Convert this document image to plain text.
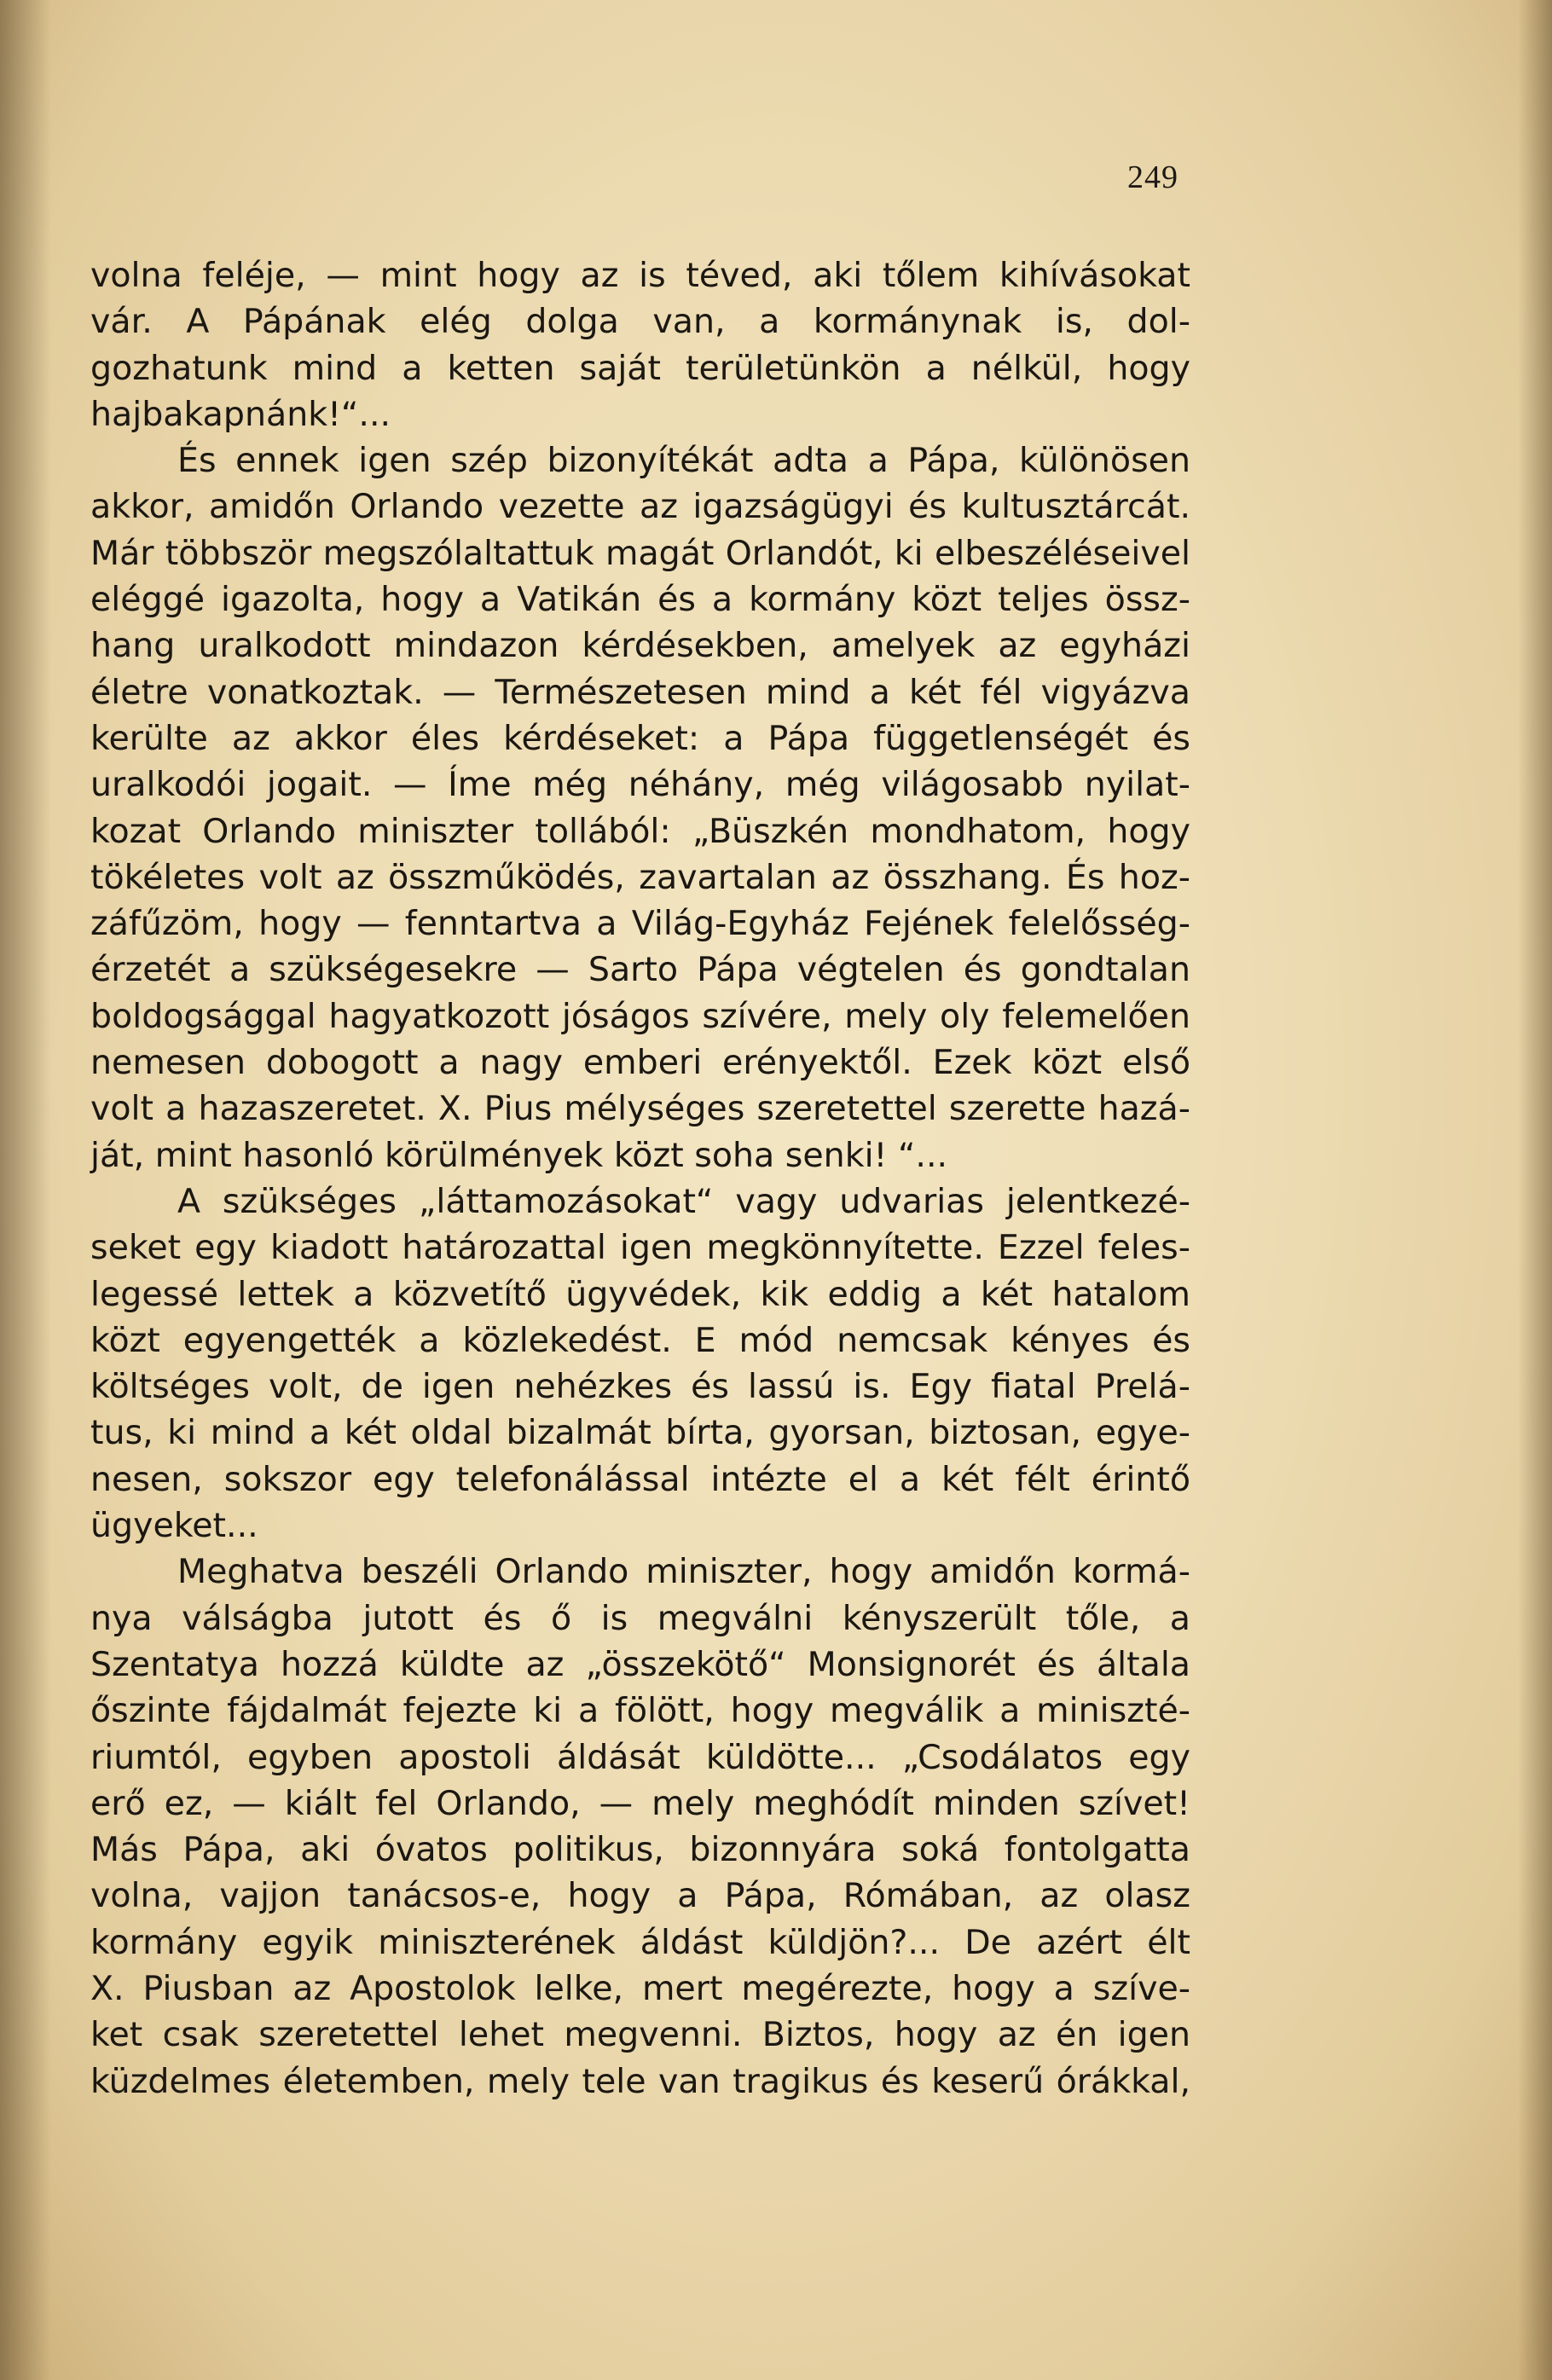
249
volna feléje, — mint hogy az is téved, aki tőlem kihívásokat
vár. A Pápának elég dolga van, a kormánynak is, dol-
gozhatunk mind a ketten saját területünkön a nélkül, hogy
hajbakapnánk!“...
És ennek igen szép bizonyítékát adta a Pápa, különösen
akkor, amidőn Orlando vezette az igazságügyi és kultusztárcát.
Már többször megszólaltattuk magát Orlandót, ki elbeszéléseivel
eléggé igazolta, hogy a Vatikán és a kormány közt teljes össz-
hang uralkodott mindazon kérdésekben, amelyek az egyházi
életre vonatkoztak. — Természetesen mind a két fél vigyázva
kerülte az akkor éles kérdéseket: a Pápa függetlenségét és
uralkodói jogait. — Íme még néhány, még világosabb nyilat-
kozat Orlando miniszter tollából: „Büszkén mondhatom, hogy
tökéletes volt az összműködés, zavartalan az összhang. És hoz-
záfűzöm, hogy — fenntartva a Világ-Egyház Fejének felelősség-
érzetét a szükségesekre — Sarto Pápa végtelen és gondtalan
boldogsággal hagyatkozott jóságos szívére, mely oly felemelően
nemesen dobogott a nagy emberi erényektől. Ezek közt első
volt a hazaszeretet. X. Pius mélységes szeretettel szerette hazá-
ját, mint hasonló körülmények közt soha senki! “...
A szükséges „láttamozásokat“ vagy udvarias jelentkezé-
seket egy kiadott határozattal igen megkönnyítette. Ezzel feles-
legessé lettek a közvetítő ügyvédek, kik eddig a két hatalom
közt egyengették a közlekedést. E mód nemcsak kényes és
költséges volt, de igen nehézkes és lassú is. Egy fiatal Prelá-
tus, ki mind a két oldal bizalmát bírta, gyorsan, biztosan, egye-
nesen, sokszor egy telefonálással intézte el a két félt érintő
ügyeket...
Meghatva beszéli Orlando miniszter, hogy amidőn kormá-
nya válságba jutott és ő is megválni kényszerült tőle, a
Szentatya hozzá küldte az „összekötő“ Monsignorét és általa
őszinte fájdalmát fejezte ki a fölött, hogy megválik a miniszté-
riumtól, egyben apostoli áldását küldötte... „Csodálatos egy
erő ez, — kiált fel Orlando, — mely meghódít minden szívet!
Más Pápa, aki óvatos politikus, bizonnyára soká fontolgatta
volna, vajjon tanácsos-e, hogy a Pápa, Rómában, az olasz
kormány egyik miniszterének áldást küldjön?... De azért élt
X. Piusban az Apostolok lelke, mert megérezte, hogy a szíve-
ket csak szeretettel lehet megvenni. Biztos, hogy az én igen
küzdelmes életemben, mely tele van tragikus és keserű órákkal,
